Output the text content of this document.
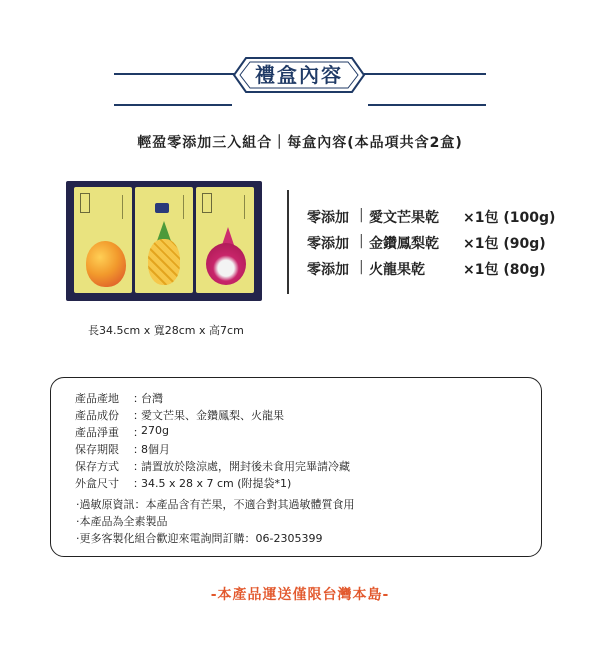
禮盒內容
輕盈零添加三入組合｜每盒內容(本品項共含2盒)
長34.5cm x 寬28cm x 高7cm
零添加 | 愛文芒果乾 ×1包 (100g)
零添加 | 金鑽鳳梨乾 ×1包 (90g)
零添加 | 火龍果乾	×1包 (80g)
產品產地 ：
台灣
產品成份 ：
愛文芒果、金鑽鳳梨、火龍果
產品淨重 ：
270g
保存期限 ：
8個月
保存方式 ：
請置放於陰涼處，開封後未食用完畢請冷藏
外盒尺寸 ：
34.5 x 28 x 7 cm (附提袋*1)
·過敏原資訊：本產品含有芒果，不適合對其過敏體質食用
·本產品為全素製品
·更多客製化組合歡迎來電詢問訂購：06-2305399
-本產品運送僅限台灣本島-
